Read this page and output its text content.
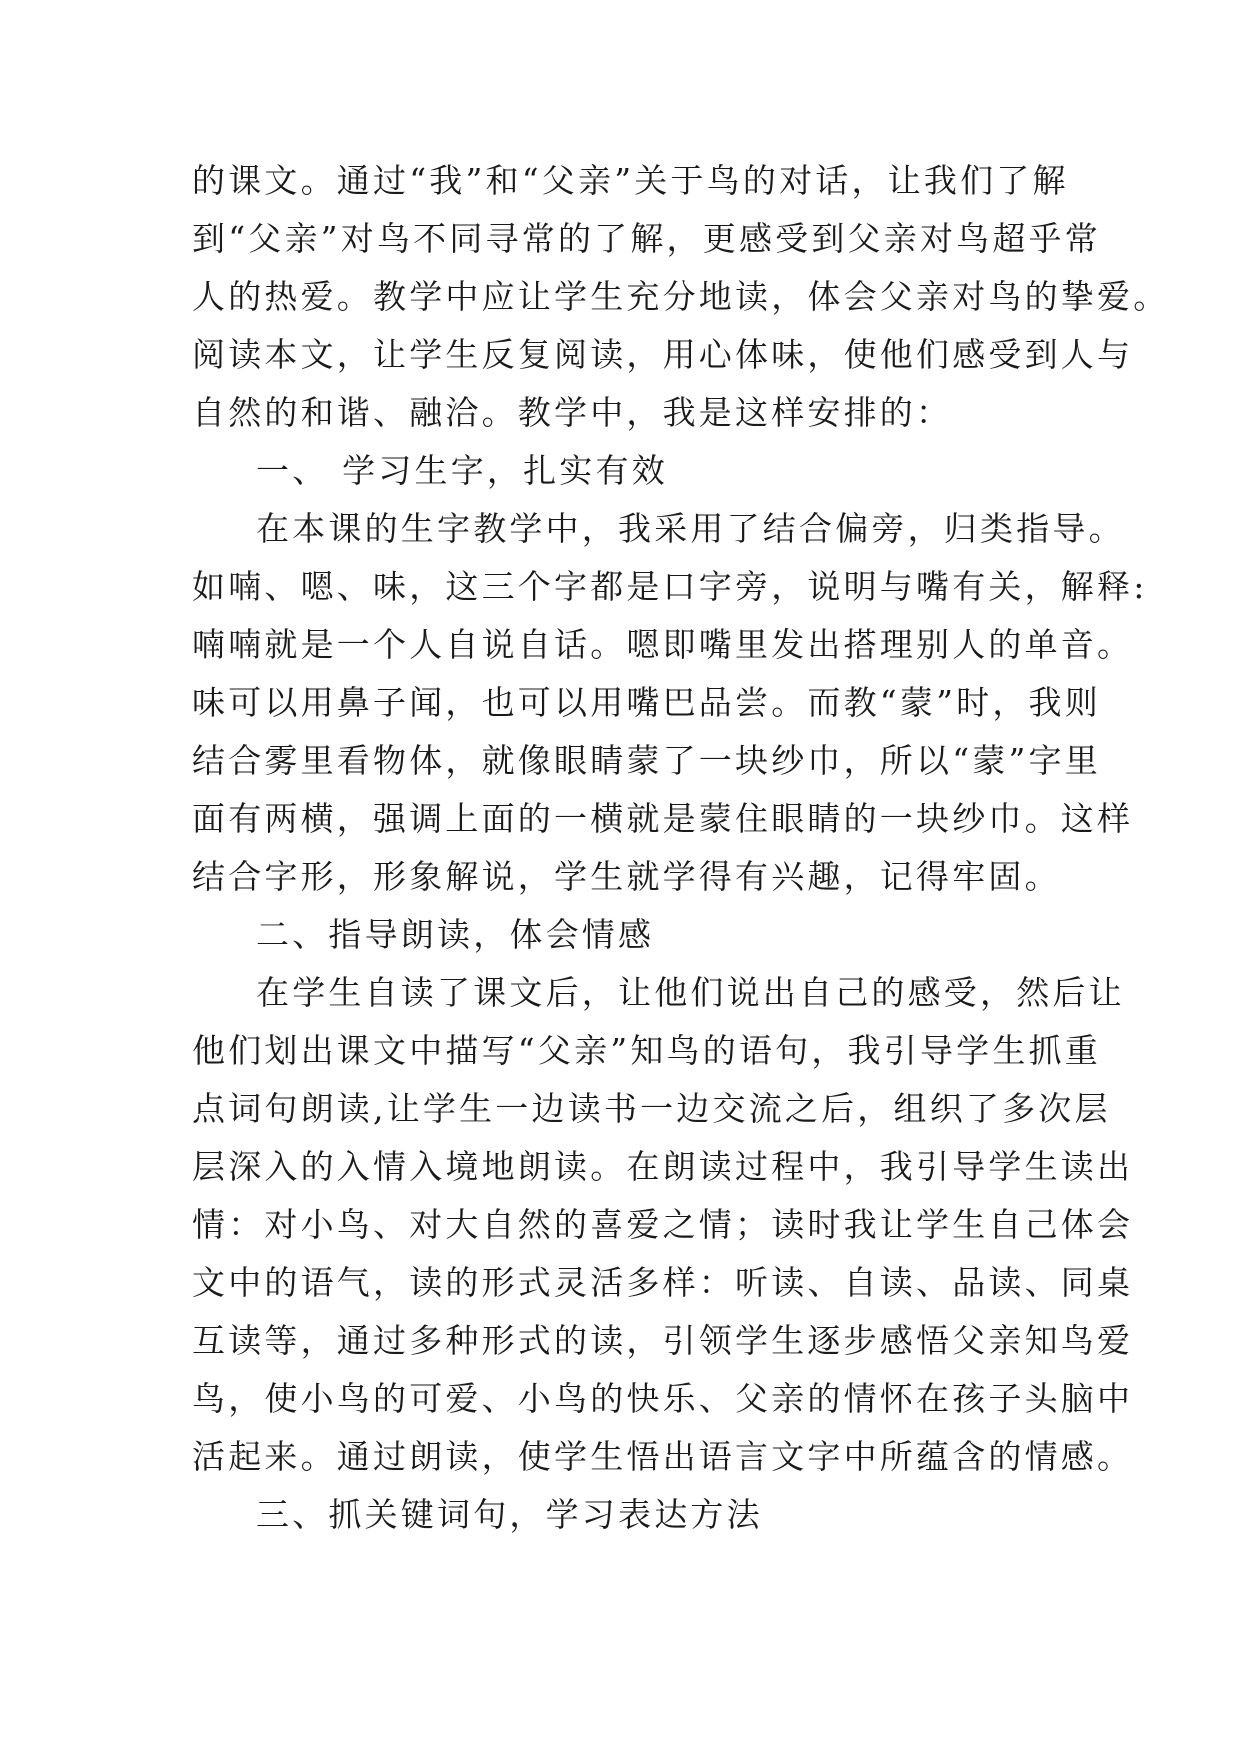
的课文。通过“我”和“父亲”关于鸟的对话，让我们了解
到“父亲”对鸟不同寻常的了解，更感受到父亲对鸟超乎常
人的热爱。教学中应让学生充分地读，体会父亲对鸟的挚爱。
阅读本文，让学生反复阅读，用心体味，使他们感受到人与
自然的和谐、融洽。教学中，我是这样安排的：
一、 学习生字，扎实有效
在本课的生字教学中，我采用了结合偏旁，归类指导。
如喃、嗯、味，这三个字都是口字旁，说明与嘴有关，解释:
喃喃就是一个人自说自话。嗯即嘴里发出搭理别人的单音。
味可以用鼻子闻，也可以用嘴巴品尝。而教“蒙”时，我则
结合雾里看物体，就像眼睛蒙了一块纱巾，所以“蒙”字里
面有两横，强调上面的一横就是蒙住眼睛的一块纱巾。这样
结合字形，形象解说，学生就学得有兴趣，记得牢固。
二、指导朗读，体会情感
在学生自读了课文后，让他们说出自己的感受，然后让
他们划出课文中描写“父亲”知鸟的语句，我引导学生抓重
点词句朗读,让学生一边读书一边交流之后，组织了多次层
层深入的入情入境地朗读。在朗读过程中，我引导学生读出
情：对小鸟、对大自然的喜爱之情；读时我让学生自己体会
文中的语气，读的形式灵活多样：听读、自读、品读、同桌
互读等，通过多种形式的读，引领学生逐步感悟父亲知鸟爱
鸟，使小鸟的可爱、小鸟的快乐、父亲的情怀在孩子头脑中
活起来。通过朗读，使学生悟出语言文字中所蕴含的情感。
三、抓关键词句，学习表达方法
